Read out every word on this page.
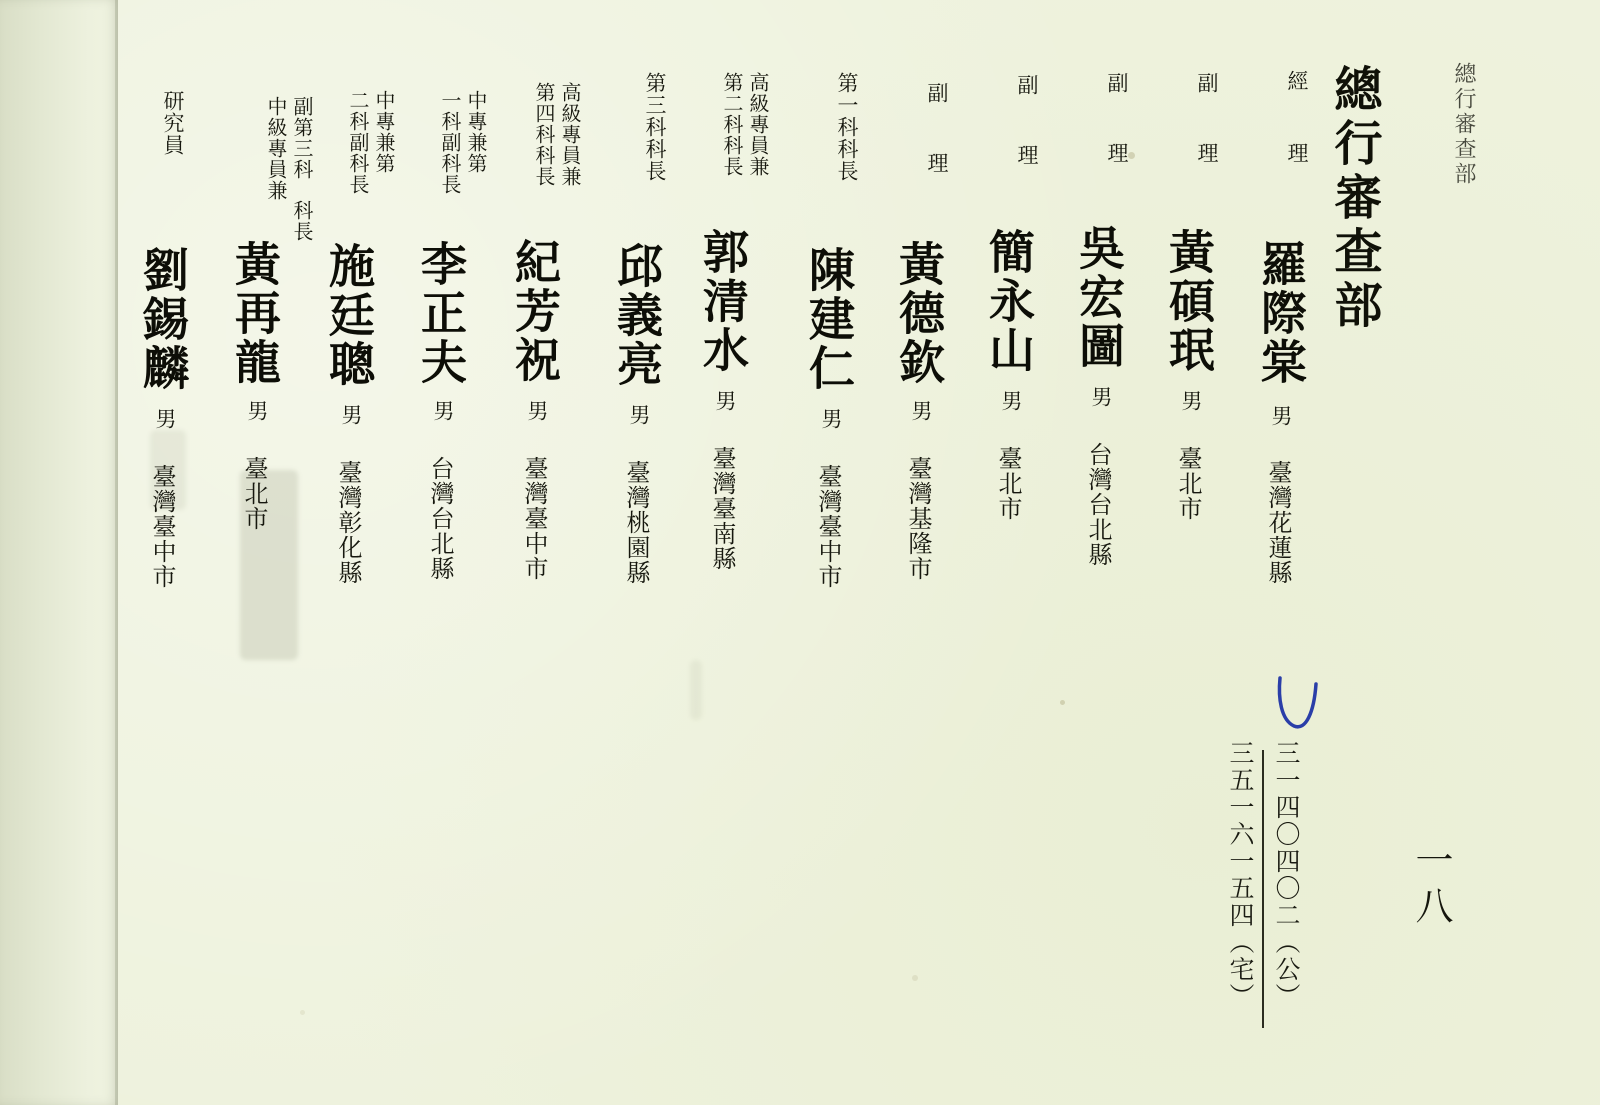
總行審查部
總行審查部
一八
三一四〇四〇二（公）
三五一六一五四（宅）
經
理
羅際棠
男
臺灣花蓮縣
副
理
黃碩珉
男
臺北市
副
理
吳宏圖
男
台灣台北縣
副
理
簡永山
男
臺北市
副
理
黃德欽
男
臺灣基隆市
第一科科長
陳建仁
男
臺灣臺中市
高級專員兼
第二科科長
郭清水
男
臺灣臺南縣
第三科科長
邱義亮
男
臺灣桃園縣
高級專員兼
第四科科長
紀芳祝
男
臺灣臺中市
中專兼第
一科副科長
李正夫
男
台灣台北縣
中專兼第
二科副科長
施廷聰
男
臺灣彰化縣
副第三科
中級專員兼
科長
黃再龍
男
臺北市
研究員
劉錫麟
男
臺灣臺中市
